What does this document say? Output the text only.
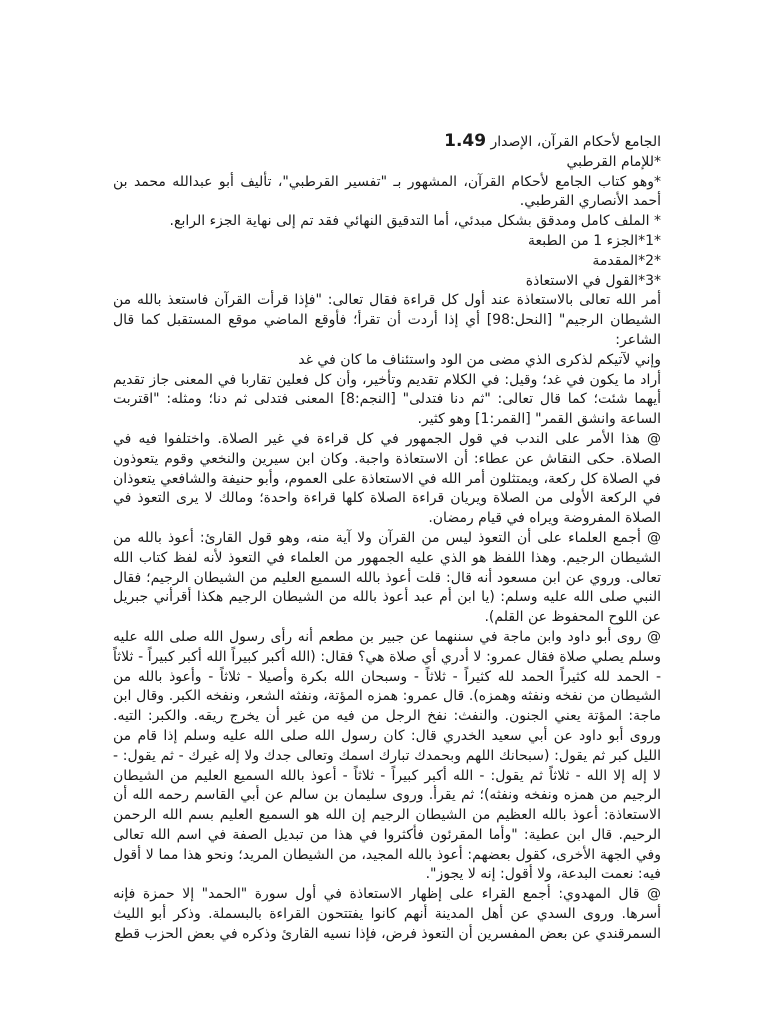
الجامع لأحكام القرآن، الإصدار 1.49

*للإمام القرطبي

*وهو كتاب الجامع لأحكام القرآن، المشهور بـ "تفسير القرطبي"، تأليف أبو عبدالله محمد بن أحمد الأنصاري القرطبي.

* الملف كامل ومدقق بشكل مبدئي، أما التدقيق النهائي فقد تم إلى نهاية الجزء الرابع.

*1*الجزء 1 من الطبعة

*2*المقدمة

*3*القول في الاستعاذة

أمر الله تعالى بالاستعاذة عند أول كل قراءة فقال تعالى: "فإذا قرأت القرآن فاستعذ بالله من الشيطان الرجيم" [النحل:98] أي إذا أردت أن تقرأ؛ فأوقع الماضي موقع المستقبل كما قال الشاعر:

وإني لآتيكم لذكرى الذي مضى من الود واستئناف ما كان في غد

أراد ما يكون في غد؛ وقيل: في الكلام تقديم وتأخير، وأن كل فعلين تقاربا في المعنى جاز تقديم أيهما شئت؛ كما قال تعالى: "ثم دنا فتدلى" [النجم:8] المعنى فتدلى ثم دنا؛ ومثله: "اقتربت الساعة وانشق القمر" [القمر:1] وهو كثير.

@ هذا الأمر على الندب في قول الجمهور في كل قراءة في غير الصلاة. واختلفوا فيه في الصلاة. حكى النقاش عن عطاء: أن الاستعاذة واجبة. وكان ابن سيرين والنخعي وقوم يتعوذون في الصلاة كل ركعة، ويمتثلون أمر الله في الاستعاذة على العموم، وأبو حنيفة والشافعي يتعوذان في الركعة الأولى من الصلاة ويريان قراءة الصلاة كلها قراءة واحدة؛ ومالك لا يرى التعوذ في الصلاة المفروضة ويراه في قيام رمضان.

@ أجمع العلماء على أن التعوذ ليس من القرآن ولا آية منه، وهو قول القارئ: أعوذ بالله من الشيطان الرجيم. وهذا اللفظ هو الذي عليه الجمهور من العلماء في التعوذ لأنه لفظ كتاب الله تعالى. وروي عن ابن مسعود أنه قال: قلت أعوذ بالله السميع العليم من الشيطان الرجيم؛ فقال النبي صلى الله عليه وسلم: (يا ابن أم عبد أعوذ بالله من الشيطان الرجيم هكذا أقرأني جبريل عن اللوح المحفوظ عن القلم).

@ روى أبو داود وابن ماجة في سننهما عن جبير بن مطعم أنه رأى رسول الله صلى الله عليه وسلم يصلي صلاة فقال عمرو: لا أدري أي صلاة هي؟ فقال: (الله أكبر كبيراً الله أكبر كبيراً - ثلاثاً - الحمد لله كثيراً الحمد لله كثيراً - ثلاثاً - وسبحان الله بكرة وأصيلا - ثلاثاً - وأعوذ بالله من الشيطان من نفخه ونفثه وهمزه). قال عمرو: همزه المؤتة، ونفثه الشعر، ونفخه الكبر. وقال ابن ماجة: المؤتة يعني الجنون. والنفث: نفخ الرجل من فيه من غير أن يخرج ريقه. والكبر: التيه. وروى أبو داود عن أبي سعيد الخدري قال: كان رسول الله صلى الله عليه وسلم إذا قام من الليل كبر ثم يقول: (سبحانك اللهم وبحمدك تبارك اسمك وتعالى جدك ولا إله غيرك - ثم يقول: - لا إله إلا الله - ثلاثاً ثم يقول: - الله أكبر كبيراً - ثلاثاً - أعوذ بالله السميع العليم من الشيطان الرجيم من همزه ونفخه ونفثه)؛ ثم يقرأ. وروى سليمان بن سالم عن أبي القاسم رحمه الله أن الاستعاذة: أعوذ بالله العظيم من الشيطان الرجيم إن الله هو السميع العليم بسم الله الرحمن الرحيم. قال ابن عطية: "وأما المقرئون فأكثروا في هذا من تبديل الصفة في اسم الله تعالى وفي الجهة الأخرى، كقول بعضهم: أعوذ بالله المجيد، من الشيطان المريد؛ ونحو هذا مما لا أقول فيه: نعمت البدعة، ولا أقول: إنه لا يجوز".

@ قال المهدوي: أجمع القراء على إظهار الاستعاذة في أول سورة "الحمد" إلا حمزة فإنه أسرها. وروى السدي عن أهل المدينة أنهم كانوا يفتتحون القراءة بالبسملة. وذكر أبو الليث السمرقندي عن بعض المفسرين أن التعوذ فرض، فإذا نسيه القارئ وذكره في بعض الحزب قطع
